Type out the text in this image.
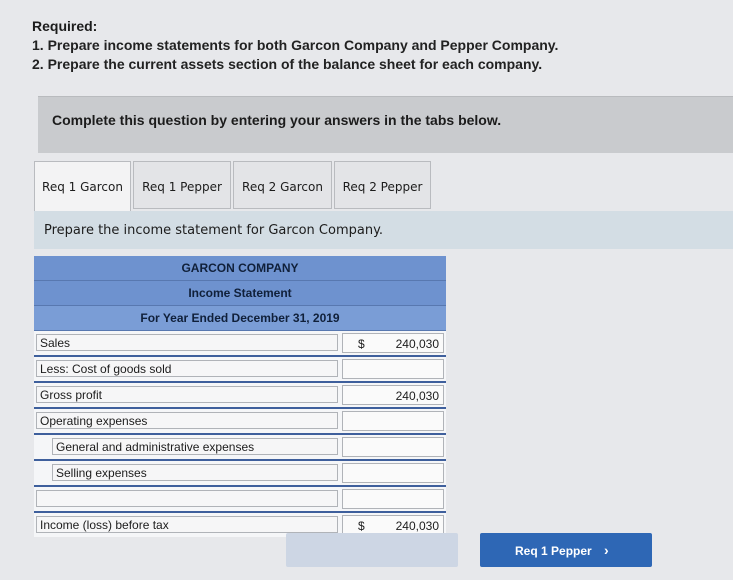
Required:
1. Prepare income statements for both Garcon Company and Pepper Company.
2. Prepare the current assets section of the balance sheet for each company.
Complete this question by entering your answers in the tabs below.
Req 1 Garcon	Req 1 Pepper	Req 2 Garcon	Req 2 Pepper
Prepare the income statement for Garcon Company.
GARCON COMPANY
Income Statement
For Year Ended December 31, 2019
Sales	$	240,030
Less: Cost of goods sold
Gross profit	240,030
Operating expenses
General and administrative expenses
Selling expenses
Income (loss) before tax	$	240,030
Req 1 Pepper ›
